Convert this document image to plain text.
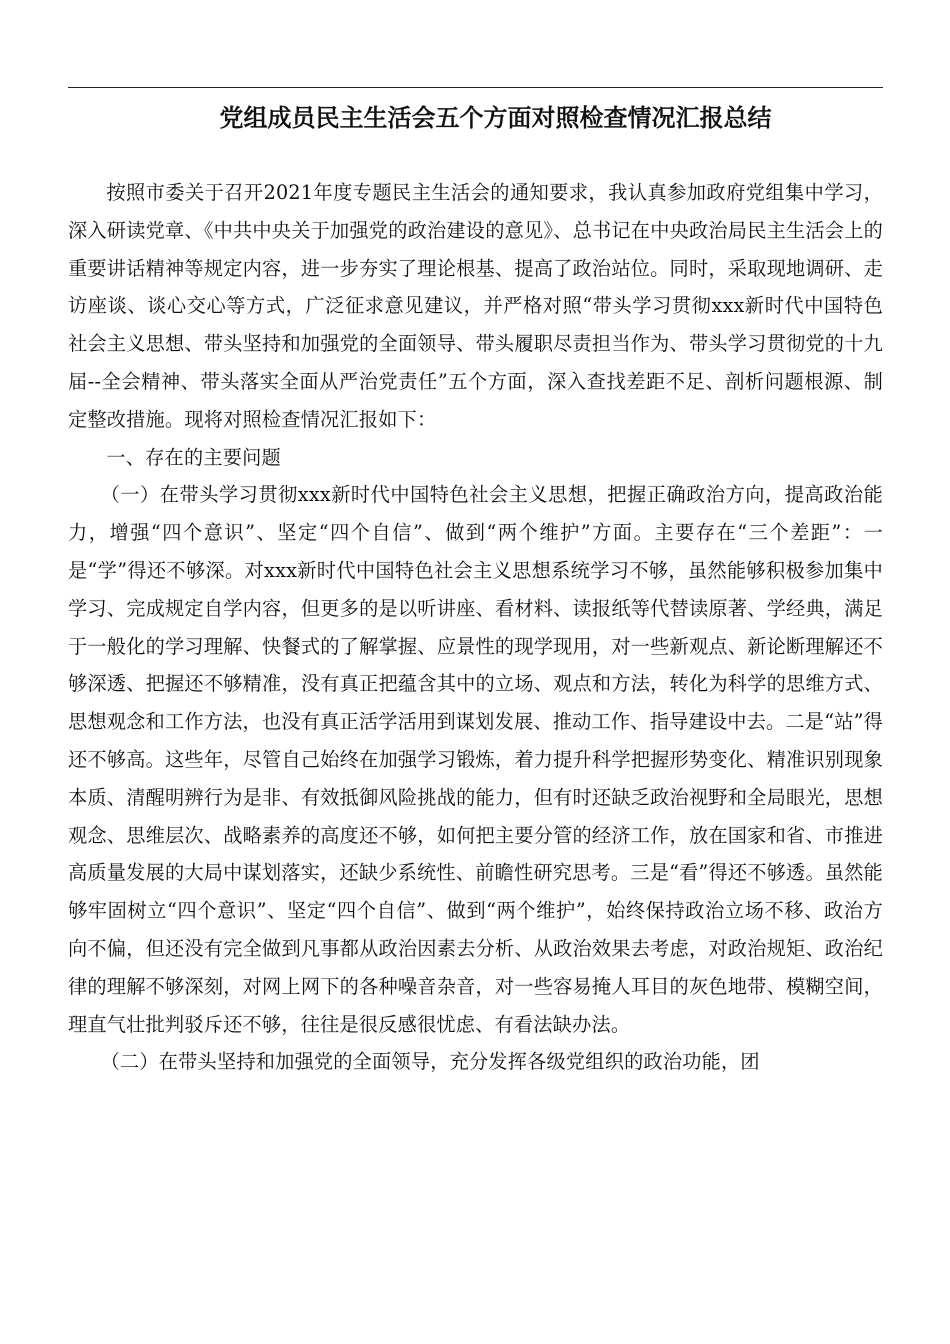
党组成员民主生活会五个方面对照检查情况汇报总结

按照市委关于召开2021年度专题民主生活会的通知要求，我认真参加政府党组集中学习，深入研读党章、《中共中央关于加强党的政治建设的意见》、总书记在中央政治局民主生活会上的重要讲话精神等规定内容，进一步夯实了理论根基、提高了政治站位。同时，采取现地调研、走访座谈、谈心交心等方式，广泛征求意见建议，并严格对照“带头学习贯彻xxx新时代中国特色社会主义思想、带头坚持和加强党的全面领导、带头履职尽责担当作为、带头学习贯彻党的十九届--全会精神、带头落实全面从严治党责任”五个方面，深入查找差距不足、剖析问题根源、制定整改措施。现将对照检查情况汇报如下：

一、存在的主要问题

（一）在带头学习贯彻xxx新时代中国特色社会主义思想，把握正确政治方向，提高政治能力，增强“四个意识”、坚定“四个自信”、做到“两个维护”方面。主要存在“三个差距”：一是“学”得还不够深。对xxx新时代中国特色社会主义思想系统学习不够，虽然能够积极参加集中学习、完成规定自学内容，但更多的是以听讲座、看材料、读报纸等代替读原著、学经典，满足于一般化的学习理解、快餐式的了解掌握、应景性的现学现用，对一些新观点、新论断理解还不够深透、把握还不够精准，没有真正把蕴含其中的立场、观点和方法，转化为科学的思维方式、思想观念和工作方法，也没有真正活学活用到谋划发展、推动工作、指导建设中去。二是“站”得还不够高。这些年，尽管自己始终在加强学习锻炼，着力提升科学把握形势变化、精准识别现象本质、清醒明辨行为是非、有效抵御风险挑战的能力，但有时还缺乏政治视野和全局眼光，思想观念、思维层次、战略素养的高度还不够，如何把主要分管的经济工作，放在国家和省、市推进高质量发展的大局中谋划落实，还缺少系统性、前瞻性研究思考。三是“看”得还不够透。虽然能够牢固树立“四个意识”、坚定“四个自信”、做到“两个维护”，始终保持政治立场不移、政治方向不偏，但还没有完全做到凡事都从政治因素去分析、从政治效果去考虑，对政治规矩、政治纪律的理解不够深刻，对网上网下的各种噪音杂音，对一些容易掩人耳目的灰色地带、模糊空间，理直气壮批判驳斥还不够，往往是很反感很忧虑、有看法缺办法。

（二）在带头坚持和加强党的全面领导，充分发挥各级党组织的政治功能，团
